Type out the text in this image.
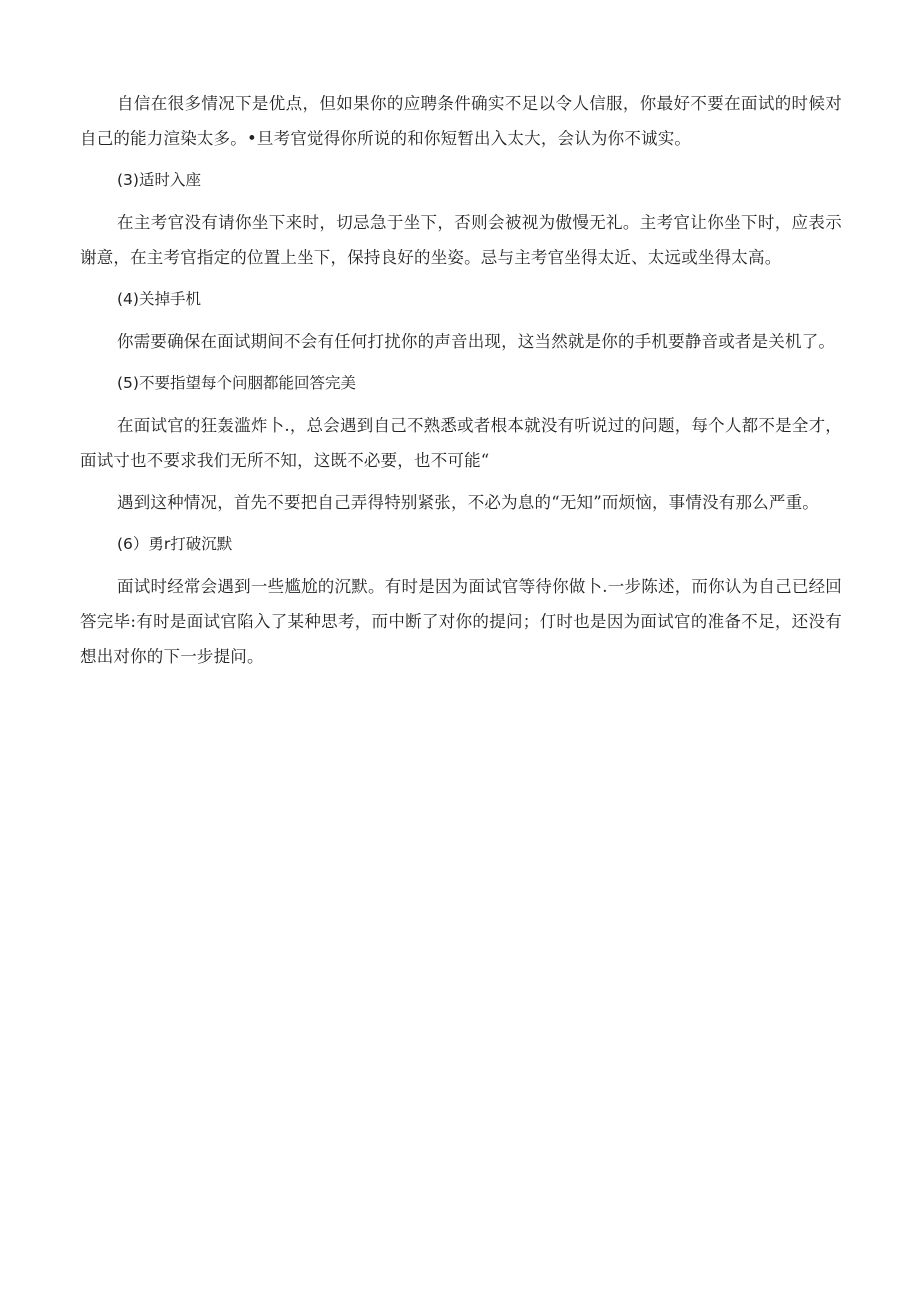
自信在很多情况下是优点，但如果你的应聘条件确实不足以令人信服，你最好不要在面试的时候对自己的能力渲染太多。•旦考官觉得你所说的和你短暂出入太大，会认为你不诚实。

(3)适时入座

在主考官没有请你坐下来时，切忌急于坐下，否则会被视为傲慢无礼。主考官让你坐下时，应表示谢意，在主考官指定的位置上坐下，保持良好的坐姿。忌与主考官坐得太近、太远或坐得太高。

(4)关掉手机

你需要确保在面试期间不会有任何打扰你的声音出现，这当然就是你的手机要静音或者是关机了。

(5)不要指望每个问胭都能回答完美

在面试官的狂轰滥炸卜.，总会遇到自己不熟悉或者根本就没有听说过的问题，每个人都不是全才，面试寸也不要求我们无所不知，这既不必要，也不可能“

遇到这种情况，首先不要把自己弄得特别紧张，不必为息的“无知”而烦恼，事情没有那么严重。

(6）勇r打破沉默

面试时经常会遇到一些尴尬的沉默。有时是因为面试官等待你做卜.一步陈述，而你认为自己已经回答完毕:有时是面试官陷入了某种思考，而中断了对你的提问；仃时也是因为面试官的准备不足，还没有想出对你的下一步提问。
